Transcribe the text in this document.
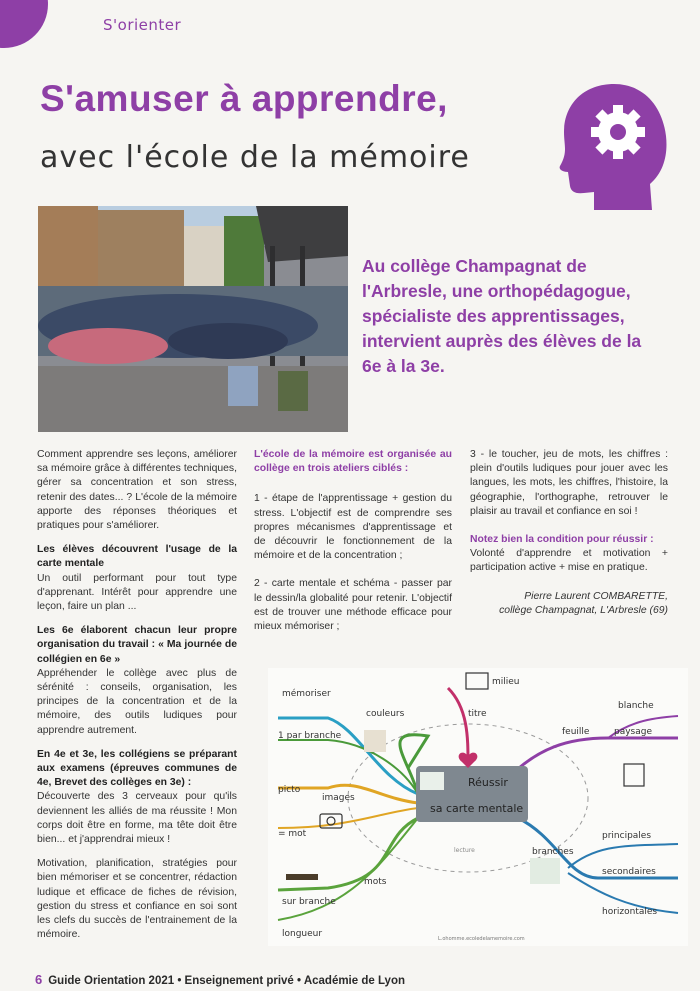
S'orienter
S'amuser à apprendre,
avec l'école de la mémoire
Au collège Champagnat de l'Arbresle, une orthopédagogue, spécialiste des apprentissages, intervient auprès des élèves de la 6e à la 3e.

Comment apprendre ses leçons, améliorer sa mémoire grâce à différentes techniques, gérer sa concentration et son stress, retenir des dates... ? L'école de la mémoire apporte des réponses théoriques et pratiques pour s'améliorer.

Les élèves découvrent l'usage de la carte mentale

Un outil performant pour tout type d'apprenant. Intérêt pour apprendre une leçon, faire un plan ...

Les 6e élaborent chacun leur propre organisation du travail : « Ma journée de collégien en 6e »

Appréhender le collège avec plus de sérénité : conseils, organisation, les principes de la concentration et de la mémoire, des outils ludiques pour apprendre autrement.

En 4e et 3e, les collégiens se préparant aux examens (épreuves communes de 4e, Brevet des collèges en 3e) :

Découverte des 3 cerveaux pour qu'ils deviennent les alliés de ma réussite ! Mon corps doit être en forme, ma tête doit être bien... et j'apprendrai mieux !

Motivation, planification, stratégies pour bien mémoriser et se concentrer, rédaction ludique et efficace de fiches de révision, gestion du stress et confiance en soi sont les clefs du succès de l'entrainement de la mémoire.

L'école de la mémoire est organisée au collège en trois ateliers ciblés :

1 - étape de l'apprentissage + gestion du stress. L'objectif est de comprendre ses propres mécanismes d'apprentissage et de découvrir le fonctionnement de la mémoire et de la concentration ;

2 - carte mentale et schéma - passer par le dessin/la globalité pour retenir. L'objectif est de trouver une méthode efficace pour mieux mémoriser ;

3 - le toucher, jeu de mots, les chiffres : plein d'outils ludiques pour jouer avec les langues, les mots, les chiffres, l'histoire, la géographie, l'orthographe, retrouver le plaisir au travail et confiance en soi !

Notez bien la condition pour réussir :

Volonté d'apprendre et motivation + participation active + mise en pratique.

Pierre Laurent COMBARETTE,

collège Champagnat, L'Arbresle (69)

Réussir
sa carte mentale
mémoriser
couleurs
1 par branche
picto
images
= mot
mots
sur branche
longueur
milieu
titre
feuille
blanche
paysage
branches
principales
secondaires
horizontales
lecture
L.ohomme.ecoledelamemoire.com
6 Guide Orientation 2021 • Enseignement privé • Académie de Lyon
